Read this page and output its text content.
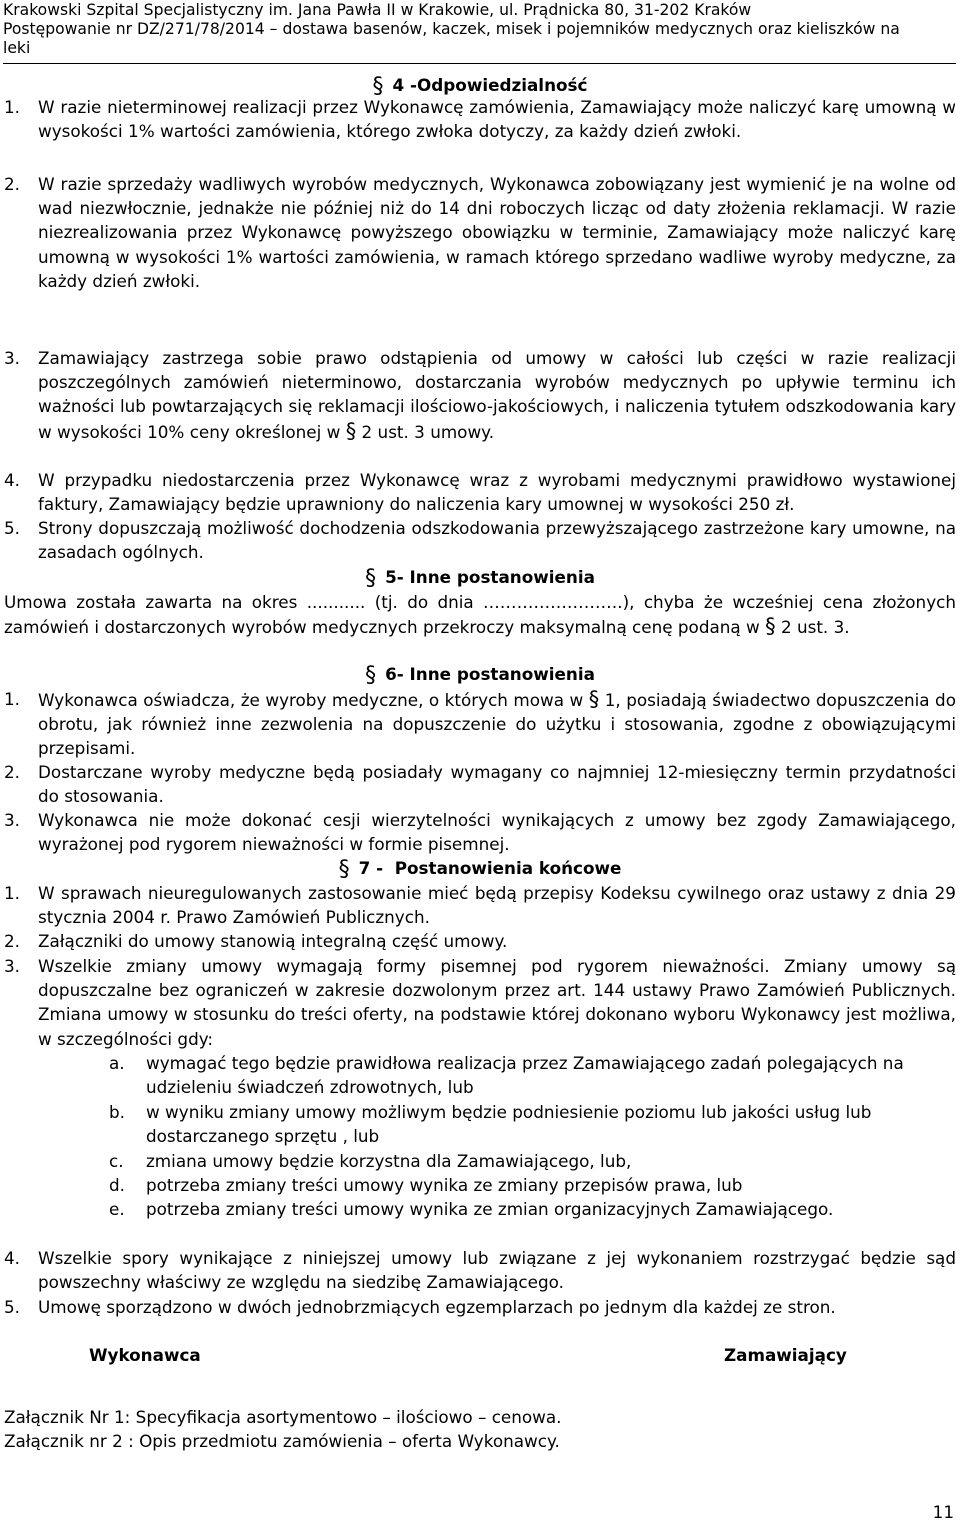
Krakowski Szpital Specjalistyczny im. Jana Pawła II w Krakowie, ul. Prądnicka 80, 31-202 Kraków
Postępowanie nr DZ/271/78/2014 – dostawa basenów, kaczek, misek i pojemników medycznych oraz kieliszków na
leki
§ 4 -Odpowiedzialność
1. W razie nieterminowej realizacji przez Wykonawcę zamówienia, Zamawiający może naliczyć karę umowną w wysokości 1% wartości zamówienia, którego zwłoka dotyczy, za każdy dzień zwłoki.
2. W razie sprzedaży wadliwych wyrobów medycznych, Wykonawca zobowiązany jest wymienić je na wolne od wad niezwłocznie, jednakże nie później niż do 14 dni roboczych licząc od daty złożenia reklamacji. W razie niezrealizowania przez Wykonawcę powyższego obowiązku w terminie, Zamawiający może naliczyć karę umowną w wysokości 1% wartości zamówienia, w ramach którego sprzedano wadliwe wyroby medyczne, za każdy dzień zwłoki.
3. Zamawiający zastrzega sobie prawo odstąpienia od umowy w całości lub części w razie realizacji poszczególnych zamówień nieterminowo, dostarczania wyrobów medycznych po upływie terminu ich ważności lub powtarzających się reklamacji ilościowo-jakościowych, i naliczenia tytułem odszkodowania kary w wysokości 10% ceny określonej w § 2 ust. 3 umowy.
4. W przypadku niedostarczenia przez Wykonawcę wraz z wyrobami medycznymi prawidłowo wystawionej faktury, Zamawiający będzie uprawniony do naliczenia kary umownej w wysokości 250 zł.
5. Strony dopuszczają możliwość dochodzenia odszkodowania przewyższającego zastrzeżone kary umowne, na zasadach ogólnych.
§ 5- Inne postanowienia
Umowa została zawarta na okres ........... (tj. do dnia …………………….), chyba że wcześniej cena złożonych zamówień i dostarczonych wyrobów medycznych przekroczy maksymalną cenę podaną w § 2 ust. 3.
§ 6- Inne postanowienia
1. Wykonawca oświadcza, że wyroby medyczne, o których mowa w § 1, posiadają świadectwo dopuszczenia do obrotu, jak również inne zezwolenia na dopuszczenie do użytku i stosowania, zgodne z obowiązującymi przepisami.
2. Dostarczane wyroby medyczne będą posiadały wymagany co najmniej 12-miesięczny termin przydatności do stosowania.
3. Wykonawca nie może dokonać cesji wierzytelności wynikających z umowy bez zgody Zamawiającego, wyrażonej pod rygorem nieważności w formie pisemnej.
§ 7 -  Postanowienia końcowe
1. W sprawach nieuregulowanych zastosowanie mieć będą przepisy Kodeksu cywilnego oraz ustawy z dnia 29 stycznia 2004 r. Prawo Zamówień Publicznych.
2. Załączniki do umowy stanowią integralną część umowy.
3. Wszelkie zmiany umowy wymagają formy pisemnej pod rygorem nieważności. Zmiany umowy są dopuszczalne bez ograniczeń w zakresie dozwolonym przez art. 144 ustawy Prawo Zamówień Publicznych. Zmiana umowy w stosunku do treści oferty, na podstawie której dokonano wyboru Wykonawcy jest możliwa, w szczególności gdy:
a. wymagać tego będzie prawidłowa realizacja przez Zamawiającego zadań polegających na udzieleniu świadczeń zdrowotnych, lub
b. w wyniku zmiany umowy możliwym będzie podniesienie poziomu lub jakości usług lub dostarczanego sprzętu , lub
c. zmiana umowy będzie korzystna dla Zamawiającego, lub,
d. potrzeba zmiany treści umowy wynika ze zmiany przepisów prawa, lub
e. potrzeba zmiany treści umowy wynika ze zmian organizacyjnych Zamawiającego.
4. Wszelkie spory wynikające z niniejszej umowy lub związane z jej wykonaniem rozstrzygać będzie sąd powszechny właściwy ze względu na siedzibę Zamawiającego.
5. Umowę sporządzono w dwóch jednobrzmiących egzemplarzach po jednym dla każdej ze stron.
Wykonawca	Zamawiający
Załącznik Nr 1: Specyfikacja asortymentowo – ilościowo – cenowa.
Załącznik nr 2 : Opis przedmiotu zamówienia – oferta Wykonawcy.
11
